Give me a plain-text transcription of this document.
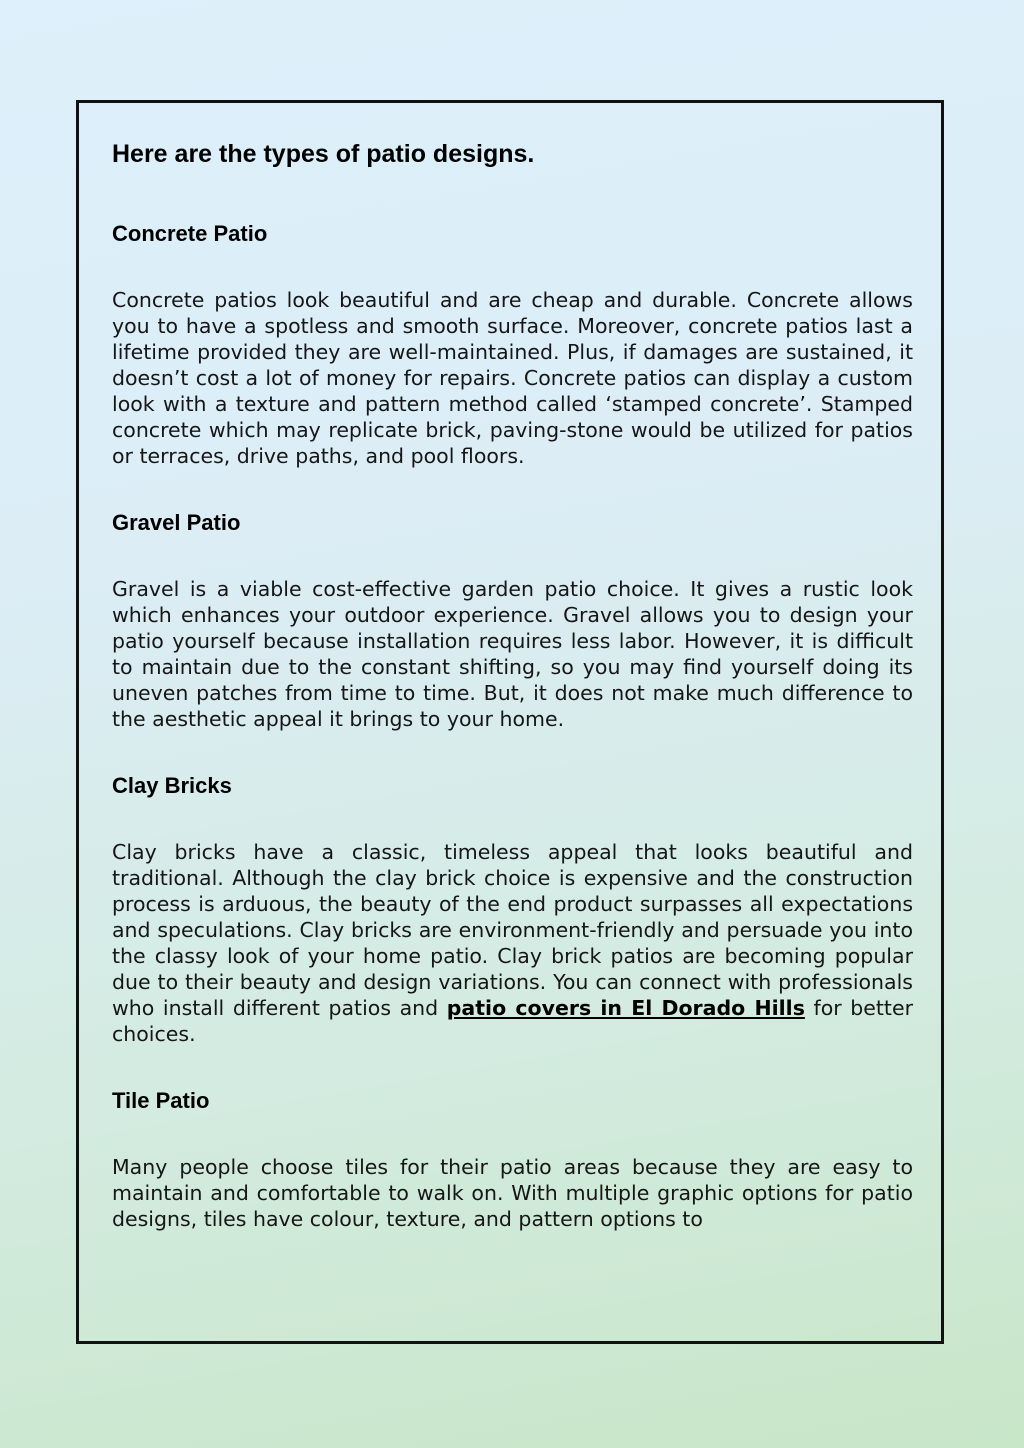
Here are the types of patio designs.
Concrete Patio

Concrete patios look beautiful and are cheap and durable. Concrete allows you to have a spotless and smooth surface. Moreover, concrete patios last a lifetime provided they are well-maintained. Plus, if damages are sustained, it doesn’t cost a lot of money for repairs. Concrete patios can display a custom look with a texture and pattern method called ‘stamped concrete’. Stamped concrete which may replicate brick, paving-stone would be utilized for patios or terraces, drive paths, and pool floors.

Gravel Patio

Gravel is a viable cost-effective garden patio choice. It gives a rustic look which enhances your outdoor experience. Gravel allows you to design your patio yourself because installation requires less labor. However, it is difficult to maintain due to the constant shifting, so you may find yourself doing its uneven patches from time to time. But, it does not make much difference to the aesthetic appeal it brings to your home.

Clay Bricks

Clay bricks have a classic, timeless appeal that looks beautiful and traditional. Although the clay brick choice is expensive and the construction process is arduous, the beauty of the end product surpasses all expectations and speculations. Clay bricks are environment-friendly and persuade you into the classy look of your home patio. Clay brick patios are becoming popular due to their beauty and design variations. You can connect with professionals who install different patios and patio covers in El Dorado Hills for better choices.

Tile Patio

Many people choose tiles for their patio areas because they are easy to maintain and comfortable to walk on. With multiple graphic options for patio designs, tiles have colour, texture, and pattern options to
